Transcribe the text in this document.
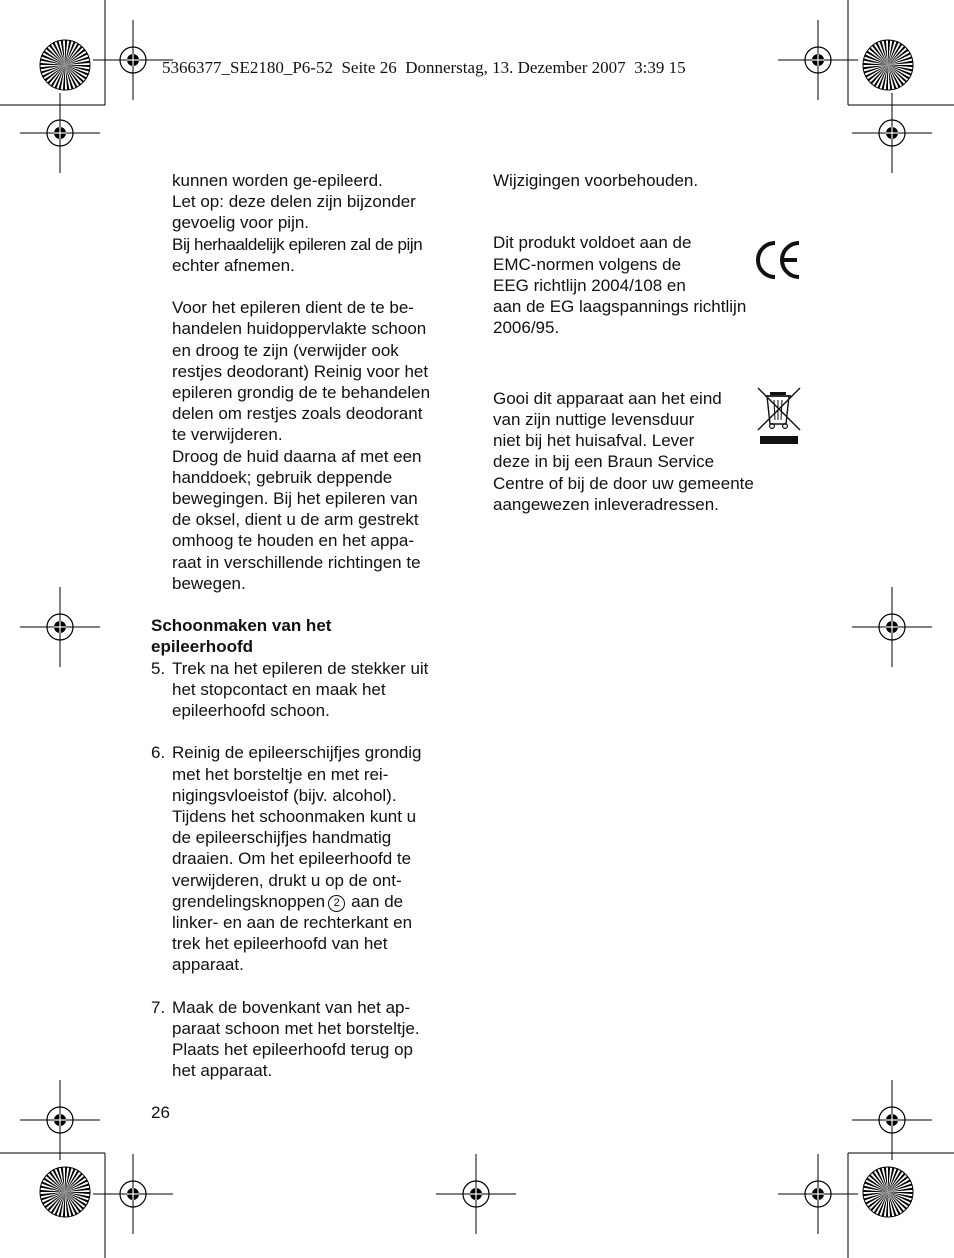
5366377_SE2180_P6-52  Seite 26  Donnerstag, 13. Dezember 2007  3:39 15
kunnen worden ge-epileerd.
Let op: deze delen zijn bijzonder
gevoelig voor pijn.
Bij herhaaldelijk epileren zal de pijn
echter afnemen.
Voor het epileren dient de te be-
handelen huidoppervlakte schoon
en droog te zijn (verwijder ook
restjes deodorant) Reinig voor het
epileren grondig de te behandelen
delen om restjes zoals deodorant
te verwijderen.
Droog de huid daarna af met een
handdoek; gebruik deppende
bewegingen. Bij het epileren van
de oksel, dient u de arm gestrekt
omhoog te houden en het appa-
raat in verschillende richtingen te
bewegen.
Schoonmaken van het
epileerhoofd
5. Trek na het epileren de stekker uit
het stopcontact en maak het
epileerhoofd schoon.
6. Reinig de epileerschijfjes grondig
met het borsteltje en met rei-
nigingsvloeistof (bijv. alcohol).
Tijdens het schoonmaken kunt u
de epileerschijfjes handmatig
draaien. Om het epileerhoofd te
verwijderen, drukt u op de ont-
grendelingsknoppen 2 aan de
linker- en aan de rechterkant en
trek het epileerhoofd van het
apparaat.
7. Maak de bovenkant van het ap-
paraat schoon met het borsteltje.
Plaats het epileerhoofd terug op
het apparaat.
Wijzigingen voorbehouden.
Dit produkt voldoet aan de
EMC-normen volgens de
EEG richtlijn 2004/108 en
aan de EG laagspannings richtlijn
2006/95.
Gooi dit apparaat aan het eind
van zijn nuttige levensduur
niet bij het huisafval. Lever
deze in bij een Braun Service
Centre of bij de door uw gemeente
aangewezen inleveradressen.
26
